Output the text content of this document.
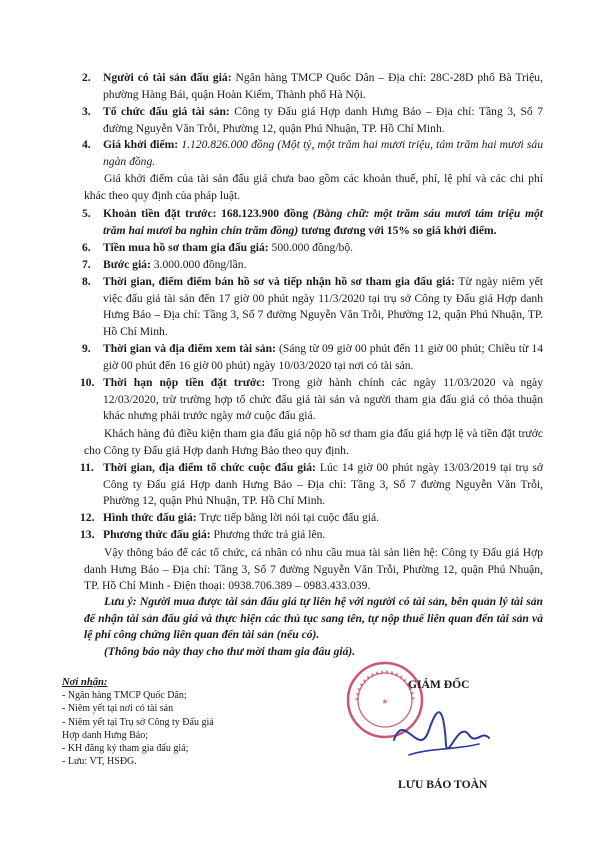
2. Người có tài sản đấu giá: Ngân hàng TMCP Quốc Dân – Địa chỉ: 28C-28D phố Bà Triệu, phường Hàng Bái, quận Hoàn Kiếm, Thành phố Hà Nội.
3. Tổ chức đấu giá tài sản: Công ty Đấu giá Hợp danh Hưng Bảo – Địa chỉ: Tầng 3, Số 7 đường Nguyễn Văn Trỗi, Phường 12, quận Phú Nhuận, TP. Hồ Chí Minh.
4. Giá khởi điểm: 1.120.826.000 đồng (Một tỷ, một trăm hai mươi triệu, tám trăm hai mươi sáu ngàn đồng.
Giá khởi điểm của tài sản đấu giá chưa bao gồm các khoản thuế, phí, lệ phí và các chi phí khác theo quy định của pháp luật.
5. Khoản tiền đặt trước: 168.123.900 đồng (Bằng chữ: một trăm sáu mươi tám triệu một trăm hai mươi ba nghìn chín trăm đồng) tương đương với 15% so giá khởi điểm.
6. Tiền mua hồ sơ tham gia đấu giá: 500.000 đồng/bộ.
7. Bước giá: 3.000.000 đồng/lần.
8. Thời gian, điểm điểm bán hồ sơ và tiếp nhận hồ sơ tham gia đấu giá: Từ ngày niêm yết việc đấu giá tài sản đến 17 giờ 00 phút ngày 11/3/2020 tại trụ sở Công ty Đấu giá Hợp danh Hưng Bảo – Địa chỉ: Tầng 3, Số 7 đường Nguyễn Văn Trỗi, Phường 12, quận Phú Nhuận, TP. Hồ Chí Minh.
9. Thời gian và địa điểm xem tài sản: (Sáng từ 09 giờ 00 phút đến 11 giờ 00 phút; Chiều từ 14 giờ 00 phút đến 16 giờ 00 phút) ngày 10/03/2020 tại nơi có tài sản.
10. Thời hạn nộp tiền đặt trước: Trong giờ hành chính các ngày 11/03/2020 và ngày 12/03/2020, trừ trường hợp tổ chức đấu giá tài sản và người tham gia đấu giá có thỏa thuận khác nhưng phải trước ngày mở cuộc đấu giá.
Khách hàng đủ điều kiện tham gia đấu giá nộp hồ sơ tham gia đấu giá hợp lệ và tiền đặt trước cho Công ty Đấu giá Hợp danh Hưng Bảo theo quy định.
11. Thời gian, địa điểm tổ chức cuộc đấu giá: Lúc 14 giờ 00 phút ngày 13/03/2019 tại trụ sở Công ty Đấu giá Hợp danh Hưng Bảo – Địa chỉ: Tầng 3, Số 7 đường Nguyễn Văn Trỗi, Phường 12, quận Phú Nhuận, TP. Hồ Chí Minh.
12. Hình thức đấu giá: Trực tiếp bằng lời nói tại cuộc đấu giá.
13. Phương thức đấu giá: Phương thức trả giá lên.
Vậy thông báo để các tổ chức, cá nhân có nhu cầu mua tài sản liên hệ: Công ty Đấu giá Hợp danh Hưng Bảo – Địa chỉ: Tầng 3, Số 7 đường Nguyễn Văn Trỗi, Phường 12, quận Phú Nhuận, TP. Hồ Chí Minh - Điện thoại: 0938.706.389 – 0983.433.039.
Lưu ý: Người mua được tài sản đấu giá tự liên hệ với người có tài sản, bên quản lý tài sản để nhận tài sản đấu giá và thực hiện các thủ tục sang tên, tự nộp thuế liên quan đến tài sản và lệ phí công chứng liên quan đến tài sản (nếu có).
(Thông báo này thay cho thư mời tham gia đấu giá).
Nơi nhận:
- Ngân hàng TMCP Quốc Dân;
- Niêm yết tại nơi có tài sản
- Niêm yết tại Trụ sở Công ty Đấu giá
Hợp danh Hưng Bảo;
- KH đăng ký tham gia đấu giá;
- Lưu: VT, HSĐG.
★
GIÁM ĐỐC
LƯU BẢO TOÀN
